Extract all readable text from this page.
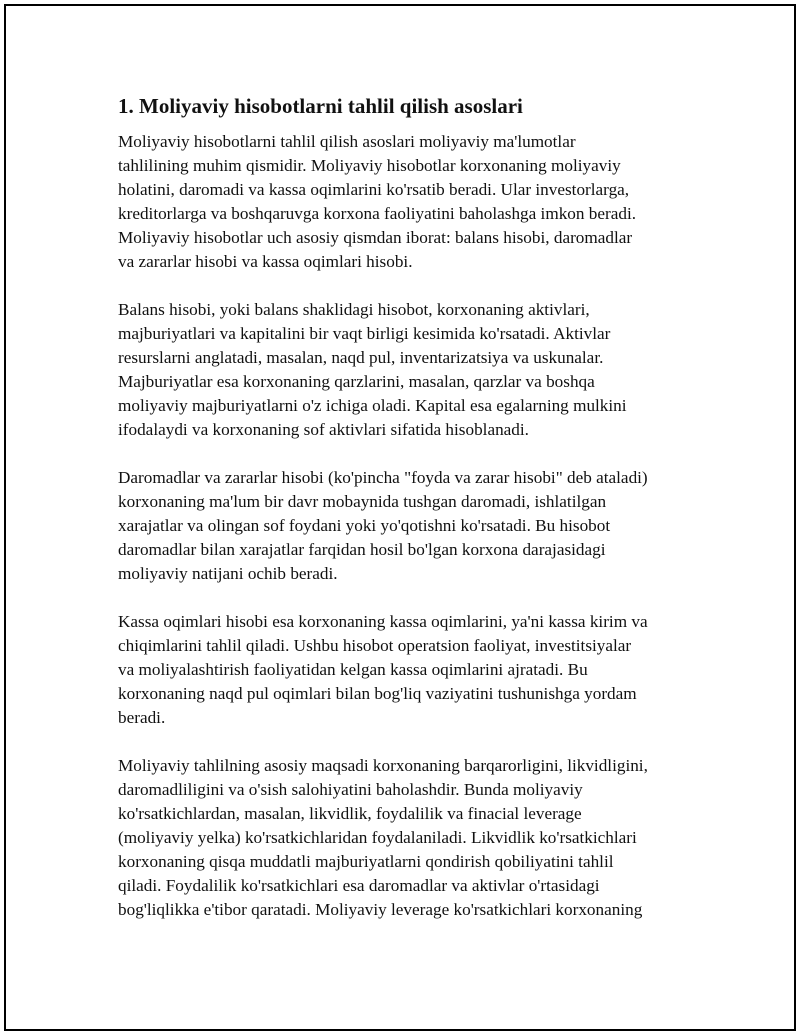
1. Moliyaviy hisobotlarni tahlil qilish asoslari

Moliyaviy hisobotlarni tahlil qilish asoslari moliyaviy ma'lumotlar
tahlilining muhim qismidir. Moliyaviy hisobotlar korxonaning moliyaviy
holatini, daromadi va kassa oqimlarini ko'rsatib beradi. Ular investorlarga,
kreditorlarga va boshqaruvga korxona faoliyatini baholashga imkon beradi.
Moliyaviy hisobotlar uch asosiy qismdan iborat: balans hisobi, daromadlar
va zararlar hisobi va kassa oqimlari hisobi.

Balans hisobi, yoki balans shaklidagi hisobot, korxonaning aktivlari,
majburiyatlari va kapitalini bir vaqt birligi kesimida ko'rsatadi. Aktivlar
resurslarni anglatadi, masalan, naqd pul, inventarizatsiya va uskunalar.
Majburiyatlar esa korxonaning qarzlarini, masalan, qarzlar va boshqa
moliyaviy majburiyatlarni o'z ichiga oladi. Kapital esa egalarning mulkini
ifodalaydi va korxonaning sof aktivlari sifatida hisoblanadi.

Daromadlar va zararlar hisobi (ko'pincha "foyda va zarar hisobi" deb ataladi)
korxonaning ma'lum bir davr mobaynida tushgan daromadi, ishlatilgan
xarajatlar va olingan sof foydani yoki yo'qotishni ko'rsatadi. Bu hisobot
daromadlar bilan xarajatlar farqidan hosil bo'lgan korxona darajasidagi
moliyaviy natijani ochib beradi.

Kassa oqimlari hisobi esa korxonaning kassa oqimlarini, ya'ni kassa kirim va
chiqimlarini tahlil qiladi. Ushbu hisobot operatsion faoliyat, investitsiyalar
va moliyalashtirish faoliyatidan kelgan kassa oqimlarini ajratadi. Bu
korxonaning naqd pul oqimlari bilan bog'liq vaziyatini tushunishga yordam
beradi.

Moliyaviy tahlilning asosiy maqsadi korxonaning barqarorligini, likvidligini,
daromadliligini va o'sish salohiyatini baholashdir. Bunda moliyaviy
ko'rsatkichlardan, masalan, likvidlik, foydalilik va finacial leverage
(moliyaviy yelka) ko'rsatkichlaridan foydalaniladi. Likvidlik ko'rsatkichlari
korxonaning qisqa muddatli majburiyatlarni qondirish qobiliyatini tahlil
qiladi. Foydalilik ko'rsatkichlari esa daromadlar va aktivlar o'rtasidagi
bog'liqlikka e'tibor qaratadi. Moliyaviy leverage ko'rsatkichlari korxonaning
